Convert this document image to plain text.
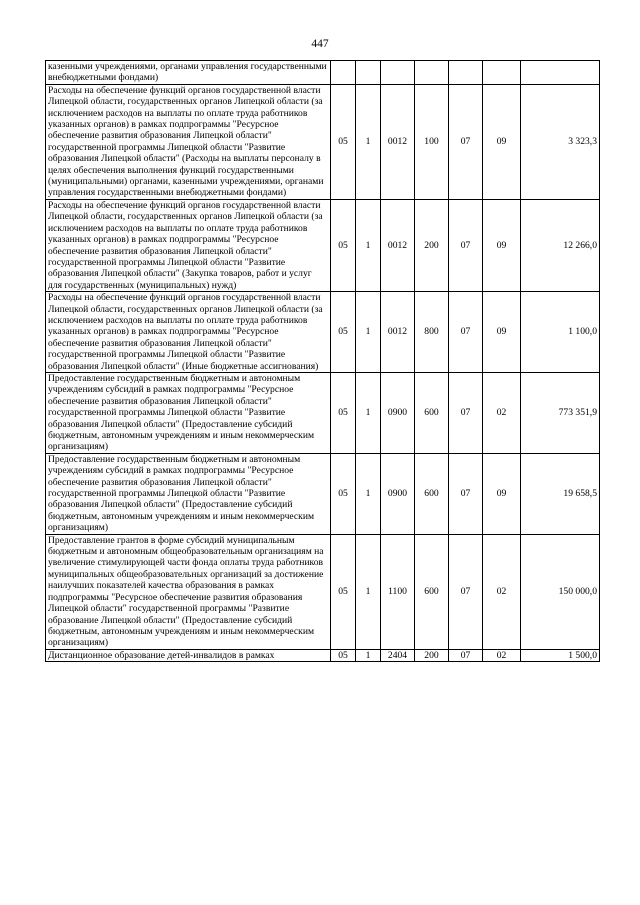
447
казенными учреждениями, органами управления государственными внебюджетными фондами)							
Расходы на обеспечение функций органов государственной власти Липецкой области, государственных органов Липецкой области (за исключением расходов на выплаты по оплате труда работников указанных органов) в рамках подпрограммы "Ресурсное обеспечение развития образования Липецкой области" государственной программы Липецкой области "Развитие образования Липецкой области" (Расходы на выплаты персоналу в целях обеспечения выполнения функций государственными (муниципальными) органами, казенными учреждениями, органами управления государственными внебюджетными фондами)	05	1	0012	100	07	09	3 323,3
Расходы на обеспечение функций органов государственной власти Липецкой области, государственных органов Липецкой области (за исключением расходов на выплаты по оплате труда работников указанных органов) в рамках подпрограммы "Ресурсное обеспечение развития образования Липецкой области" государственной программы Липецкой области "Развитие образования Липецкой области" (Закупка товаров, работ и услуг для государственных (муниципальных) нужд)	05	1	0012	200	07	09	12 266,0
Расходы на обеспечение функций органов государственной власти Липецкой области, государственных органов Липецкой области (за исключением расходов на выплаты по оплате труда работников указанных органов) в рамках подпрограммы "Ресурсное обеспечение развития образования Липецкой области" государственной программы Липецкой области "Развитие образования Липецкой области" (Иные бюджетные ассигнования)	05	1	0012	800	07	09	1 100,0
Предоставление государственным бюджетным и автономным учреждениям субсидий в рамках подпрограммы "Ресурсное обеспечение развития образования Липецкой области" государственной программы Липецкой области "Развитие образования Липецкой области" (Предоставление субсидий бюджетным, автономным учреждениям и иным некоммерческим организациям)	05	1	0900	600	07	02	773 351,9
Предоставление государственным бюджетным и автономным учреждениям субсидий в рамках подпрограммы "Ресурсное обеспечение развития образования Липецкой области" государственной программы Липецкой области "Развитие образования Липецкой области" (Предоставление субсидий бюджетным, автономным учреждениям и иным некоммерческим организациям)	05	1	0900	600	07	09	19 658,5
Предоставление грантов в форме субсидий муниципальным бюджетным и автономным общеобразовательным организациям на увеличение стимулирующей части фонда оплаты труда работников муниципальных общеобразовательных организаций за достижение наилучших показателей качества образования в рамках подпрограммы "Ресурсное обеспечение развития образования Липецкой области" государственной программы "Развитие образование Липецкой области" (Предоставление субсидий бюджетным, автономным учреждениям и иным некоммерческим организациям)	05	1	1100	600	07	02	150 000,0
Дистанционное образование детей-инвалидов в рамках	05	1	2404	200	07	02	1 500,0
